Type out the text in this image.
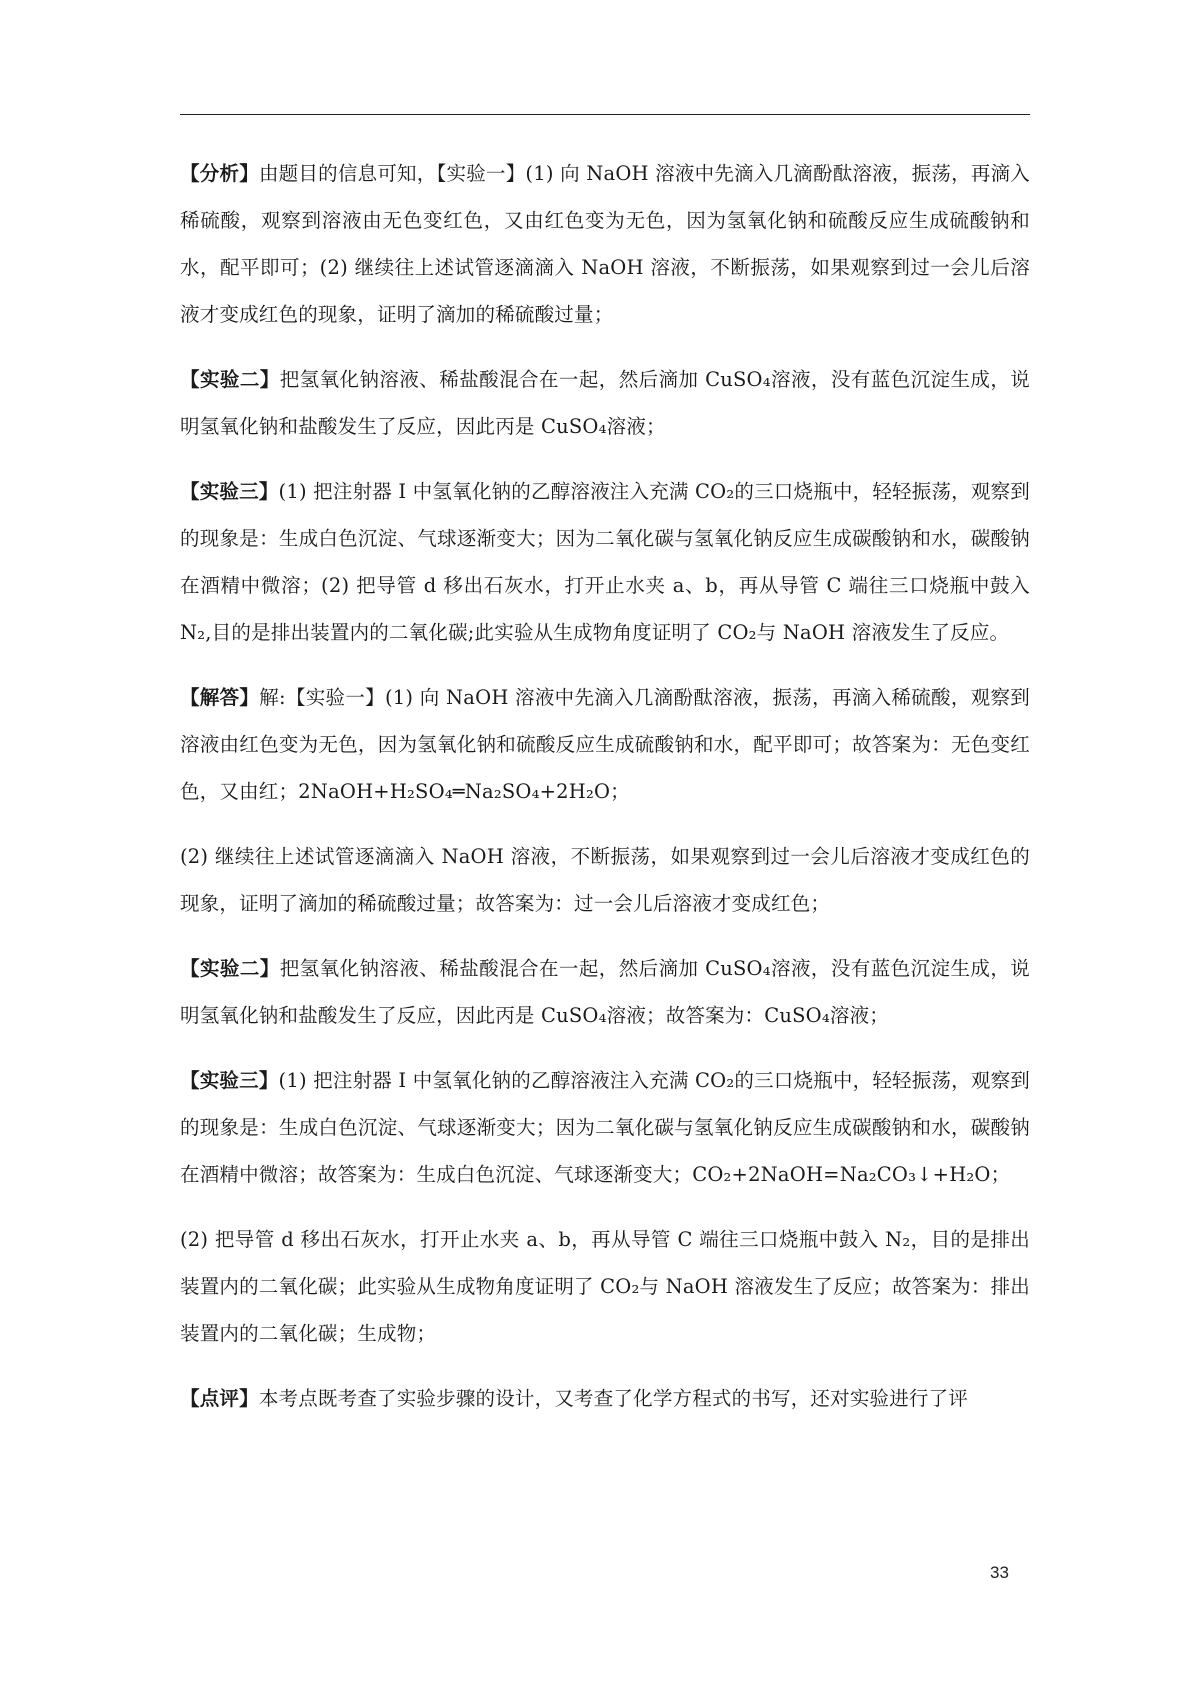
【分析】由题目的信息可知，【实验一】(1) 向 NaOH 溶液中先滴入几滴酚酞溶液，振荡，再滴入稀硫酸，观察到溶液由无色变红色，又由红色变为无色，因为氢氧化钠和硫酸反应生成硫酸钠和水，配平即可；(2) 继续往上述试管逐滴滴入 NaOH 溶液，不断振荡，如果观察到过一会儿后溶液才变成红色的现象，证明了滴加的稀硫酸过量；

【实验二】把氢氧化钠溶液、稀盐酸混合在一起，然后滴加 CuSO₄溶液，没有蓝色沉淀生成，说明氢氧化钠和盐酸发生了反应，因此丙是 CuSO₄溶液；

【实验三】(1) 把注射器 I 中氢氧化钠的乙醇溶液注入充满 CO₂的三口烧瓶中，轻轻振荡，观察到的现象是：生成白色沉淀、气球逐渐变大；因为二氧化碳与氢氧化钠反应生成碳酸钠和水，碳酸钠在酒精中微溶；(2) 把导管 d 移出石灰水，打开止水夹 a、b，再从导管 C 端往三口烧瓶中鼓入 N₂,目的是排出装置内的二氧化碳;此实验从生成物角度证明了 CO₂与 NaOH 溶液发生了反应。

【解答】解:【实验一】(1) 向 NaOH 溶液中先滴入几滴酚酞溶液，振荡，再滴入稀硫酸，观察到溶液由红色变为无色，因为氢氧化钠和硫酸反应生成硫酸钠和水，配平即可；故答案为：无色变红色，又由红；2NaOH+H₂SO₄═Na₂SO₄+2H₂O；

(2) 继续往上述试管逐滴滴入 NaOH 溶液，不断振荡，如果观察到过一会儿后溶液才变成红色的现象，证明了滴加的稀硫酸过量；故答案为：过一会儿后溶液才变成红色；

【实验二】把氢氧化钠溶液、稀盐酸混合在一起，然后滴加 CuSO₄溶液，没有蓝色沉淀生成，说明氢氧化钠和盐酸发生了反应，因此丙是 CuSO₄溶液；故答案为：CuSO₄溶液；

【实验三】(1) 把注射器 I 中氢氧化钠的乙醇溶液注入充满 CO₂的三口烧瓶中，轻轻振荡，观察到的现象是：生成白色沉淀、气球逐渐变大；因为二氧化碳与氢氧化钠反应生成碳酸钠和水，碳酸钠在酒精中微溶；故答案为：生成白色沉淀、气球逐渐变大；CO₂+2NaOH=Na₂CO₃↓+H₂O；

(2) 把导管 d 移出石灰水，打开止水夹 a、b，再从导管 C 端往三口烧瓶中鼓入 N₂，目的是排出装置内的二氧化碳；此实验从生成物角度证明了 CO₂与 NaOH 溶液发生了反应；故答案为：排出装置内的二氧化碳；生成物；

【点评】本考点既考查了实验步骤的设计，又考查了化学方程式的书写，还对实验进行了评

33
